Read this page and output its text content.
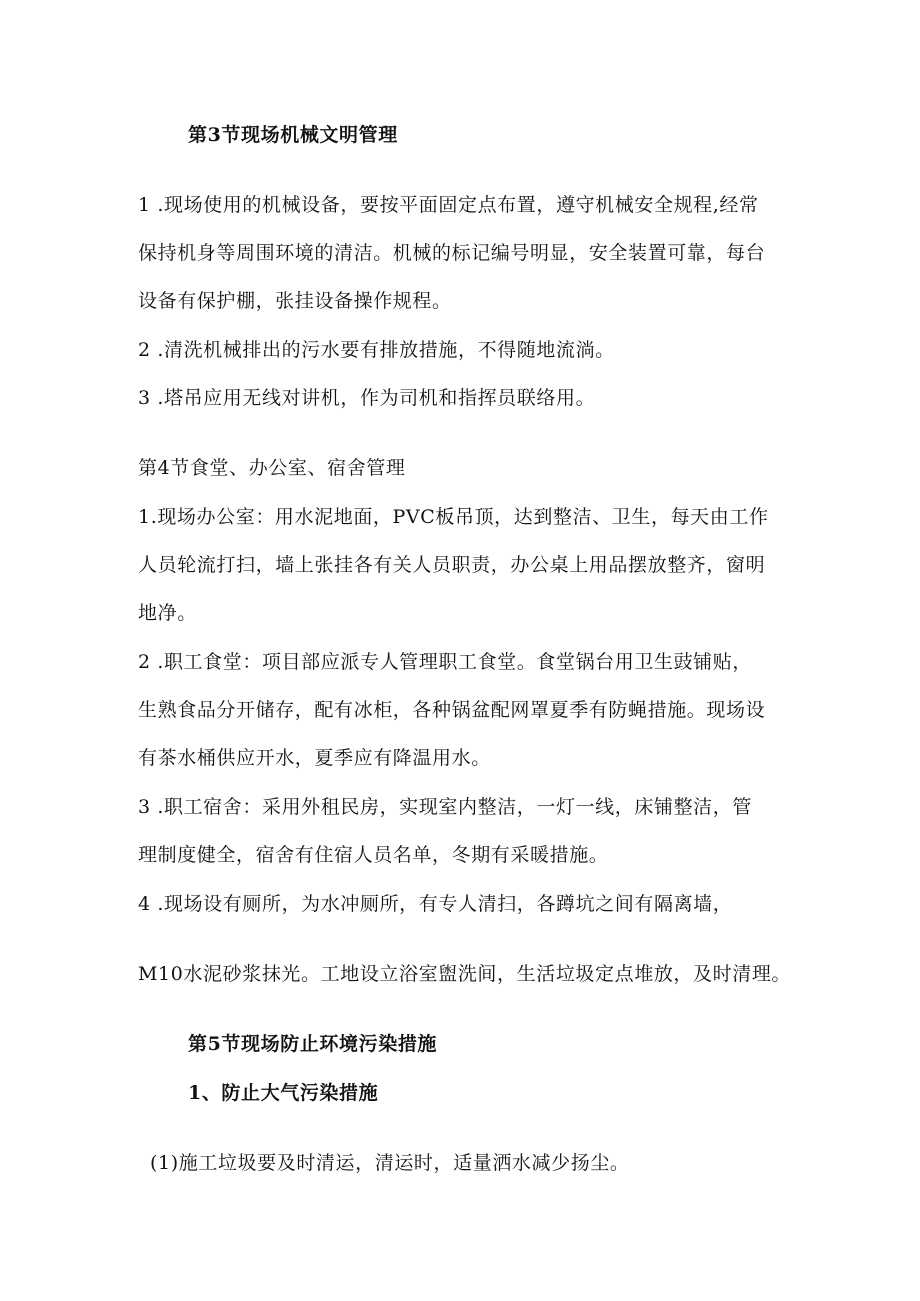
第3节现场机械文明管理
1 .现场使用的机械设备，要按平面固定点布置，遵守机械安全规程,经常
保持机身等周围环境的清洁。机械的标记编号明显，安全装置可靠，每台
设备有保护棚，张挂设备操作规程。
2 .清洗机械排出的污水要有排放措施，不得随地流淌。
3 .塔吊应用无线对讲机，作为司机和指挥员联络用。
第4节食堂、办公室、宿舍管理
1.现场办公室：用水泥地面，PVC板吊顶，达到整洁、卫生，每天由工作
人员轮流打扫，墙上张挂各有关人员职责，办公桌上用品摆放整齐，窗明
地净。
2 .职工食堂：项目部应派专人管理职工食堂。食堂锅台用卫生豉铺贴，
生熟食品分开储存，配有冰柜，各种锅盆配网罩夏季有防蝇措施。现场设
有茶水桶供应开水，夏季应有降温用水。
3 .职工宿舍：采用外租民房，实现室内整洁，一灯一线，床铺整洁，管
理制度健全，宿舍有住宿人员名单，冬期有采暖措施。
4 .现场设有厕所，为水冲厕所，有专人清扫，各蹲坑之间有隔离墙，
M10水泥砂浆抹光。工地设立浴室盥洗间，生活垃圾定点堆放，及时清理。
第5节现场防止环境污染措施
1、防止大气污染措施
(1)施工垃圾要及时清运，清运时，适量洒水减少扬尘。
